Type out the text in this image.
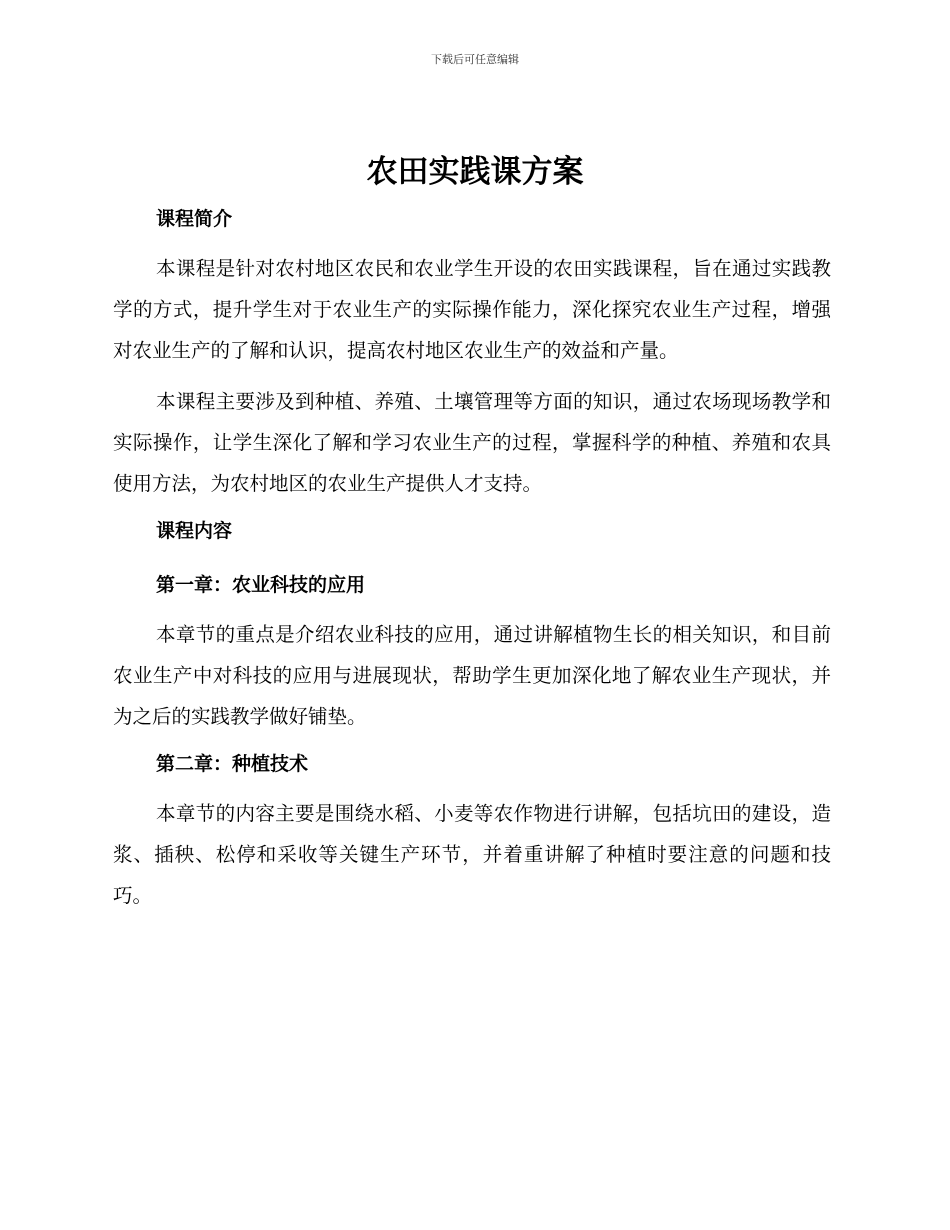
下载后可任意编辑
农田实践课方案
课程简介

本课程是针对农村地区农民和农业学生开设的农田实践课程，旨在通过实践教学的方式，提升学生对于农业生产的实际操作能力，深化探究农业生产过程，增强对农业生产的了解和认识，提高农村地区农业生产的效益和产量。

本课程主要涉及到种植、养殖、土壤管理等方面的知识，通过农场现场教学和实际操作，让学生深化了解和学习农业生产的过程，掌握科学的种植、养殖和农具使用方法，为农村地区的农业生产提供人才支持。

课程内容
第一章：农业科技的应用

本章节的重点是介绍农业科技的应用，通过讲解植物生长的相关知识，和目前农业生产中对科技的应用与进展现状，帮助学生更加深化地了解农业生产现状，并为之后的实践教学做好铺垫。

第二章：种植技术

本章节的内容主要是围绕水稻、小麦等农作物进行讲解，包括坑田的建设，造浆、插秧、松停和采收等关键生产环节，并着重讲解了种植时要注意的问题和技巧。
